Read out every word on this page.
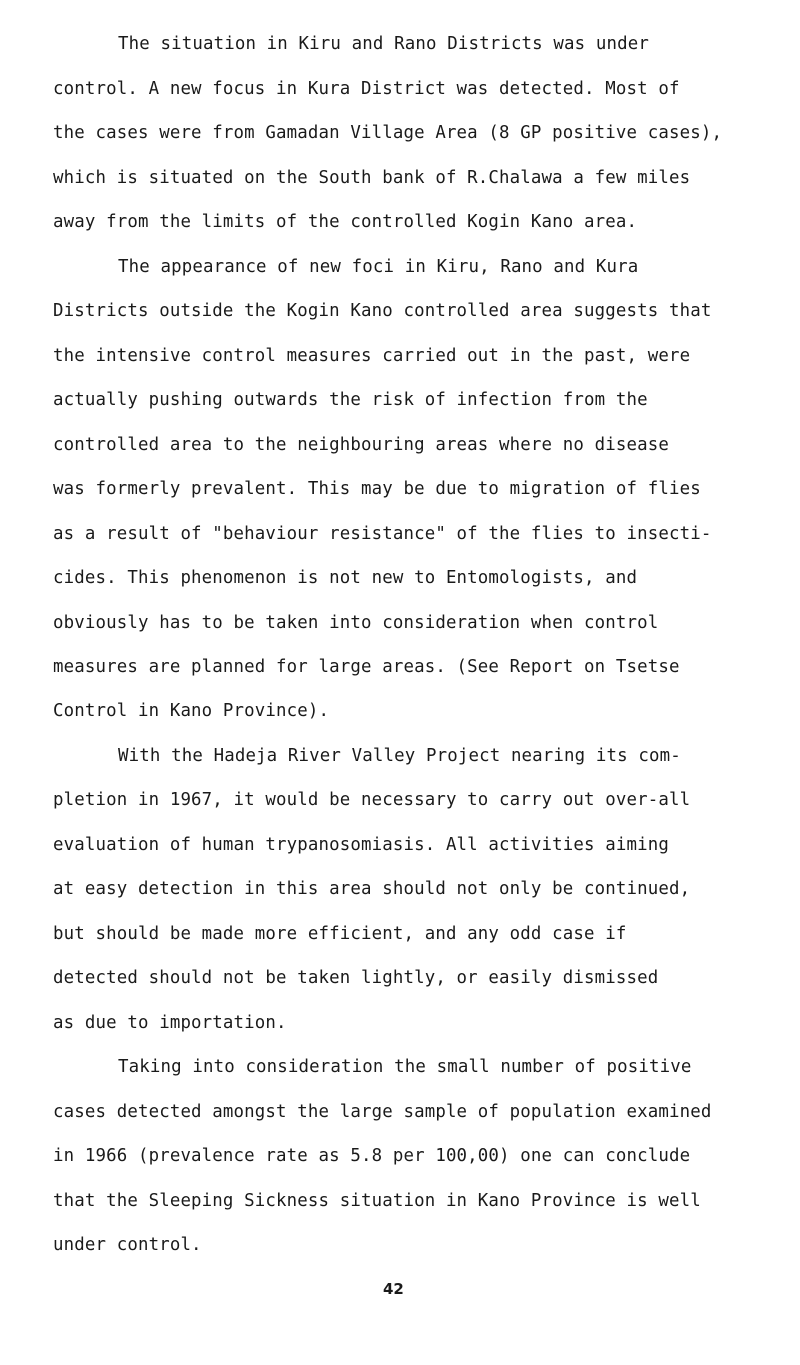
The situation in Kiru and Rano Districts was under

control. A new focus in Kura District was detected. Most of

the cases were from Gamadan Village Area (8 GP positive cases),

which is situated on the South bank of R.Chalawa a few miles

away from the limits of the controlled Kogin Kano area.

The appearance of new foci in Kiru, Rano and Kura

Districts outside the Kogin Kano controlled area suggests that

the intensive control measures carried out in the past, were

actually pushing outwards the risk of infection from the

controlled area to the neighbouring areas where no disease

was formerly prevalent. This may be due to migration of flies

as a result of "behaviour resistance" of the flies to insecti-

cides. This phenomenon is not new to Entomologists, and

obviously has to be taken into consideration when control

measures are planned for large areas. (See Report on Tsetse

Control in Kano Province).

With the Hadeja River Valley Project nearing its com-

pletion in 1967, it would be necessary to carry out over-all

evaluation of human trypanosomiasis. All activities aiming

at easy detection in this area should not only be continued,

but should be made more efficient, and any odd case if

detected should not be taken lightly, or easily dismissed

as due to importation.

Taking into consideration the small number of positive

cases detected amongst the large sample of population examined

in 1966 (prevalence rate as 5.8 per 100,00) one can conclude

that the Sleeping Sickness situation in Kano Province is well

under control.

42
